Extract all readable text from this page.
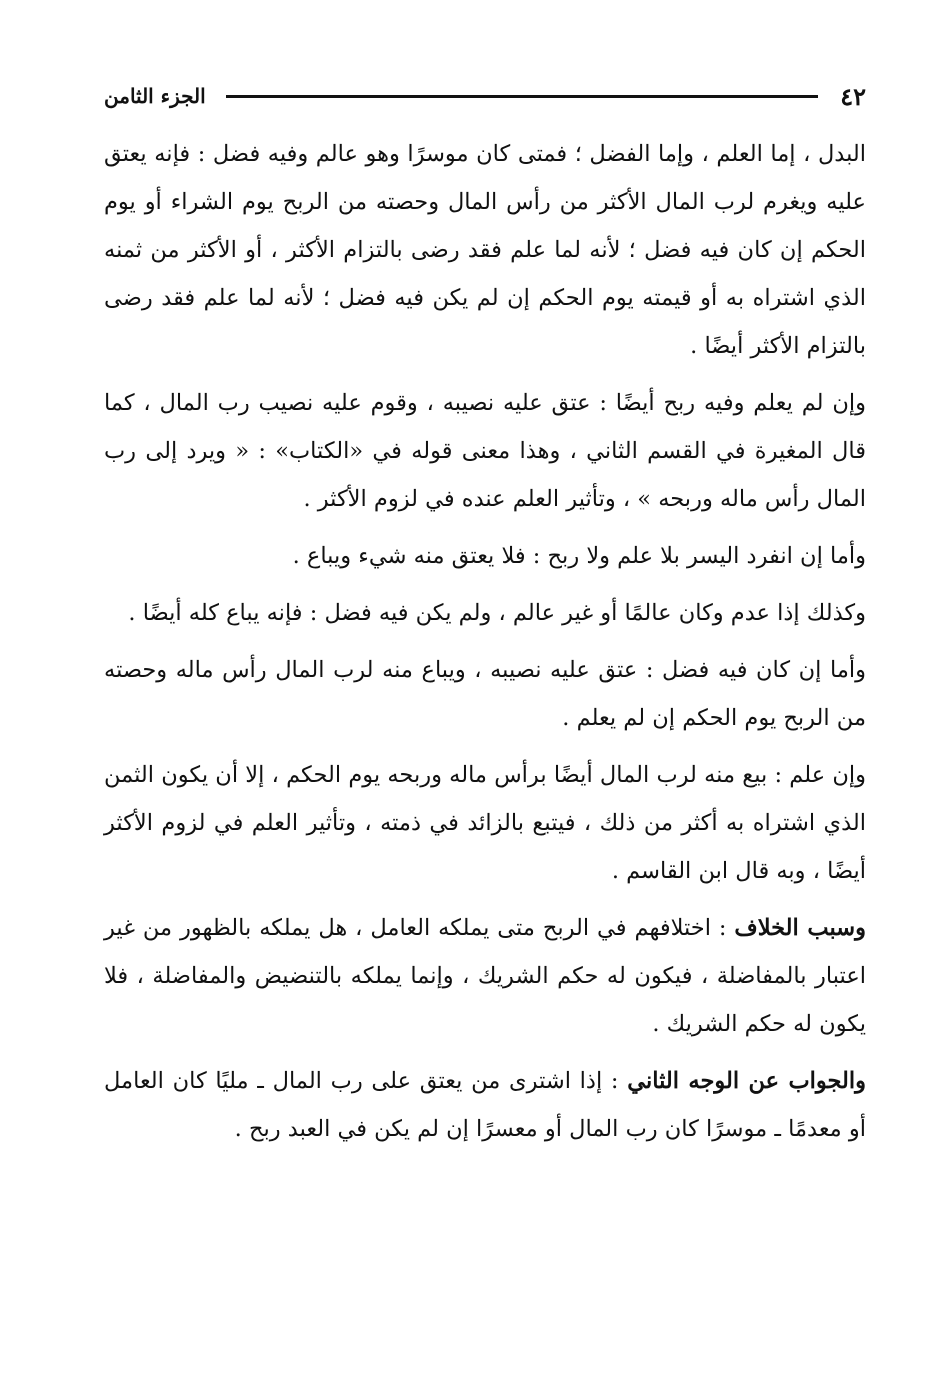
٤٢
الجزء الثامن

البدل ، إما العلم ، وإما الفضل ؛ فمتى كان موسرًا وهو عالم وفيه فضل : فإنه يعتق عليه ويغرم لرب المال الأكثر من رأس المال وحصته من الربح يوم الشراء أو يوم الحكم إن كان فيه فضل ؛ لأنه لما علم فقد رضى بالتزام الأكثر ، أو الأكثر من ثمنه الذي اشتراه به أو قيمته يوم الحكم إن لم يكن فيه فضل ؛ لأنه لما علم فقد رضى بالتزام الأكثر أيضًا .

وإن لم يعلم وفيه ربح أيضًا : عتق عليه نصيبه ، وقوم عليه نصيب رب المال ، كما قال المغيرة في القسم الثاني ، وهذا معنى قوله في «الكتاب» : « ويرد إلى رب المال رأس ماله وربحه » ، وتأثير العلم عنده في لزوم الأكثر .

وأما إن انفرد اليسر بلا علم ولا ربح : فلا يعتق منه شيء ويباع .

وكذلك إذا عدم وكان عالمًا أو غير عالم ، ولم يكن فيه فضل : فإنه يباع كله أيضًا .

وأما إن كان فيه فضل : عتق عليه نصيبه ، ويباع منه لرب المال رأس ماله وحصته من الربح يوم الحكم إن لم يعلم .

وإن علم : بيع منه لرب المال أيضًا برأس ماله وربحه يوم الحكم ، إلا أن يكون الثمن الذي اشتراه به أكثر من ذلك ، فيتبع بالزائد في ذمته ، وتأثير العلم في لزوم الأكثر أيضًا ، وبه قال ابن القاسم .

وسبب الخلاف : اختلافهم في الربح متى يملكه العامل ، هل يملكه بالظهور من غير اعتبار بالمفاضلة ، فيكون له حكم الشريك ، وإنما يملكه بالتنضيض والمفاضلة ، فلا يكون له حكم الشريك .

والجواب عن الوجه الثاني : إذا اشترى من يعتق على رب المال ـ مليًا كان العامل أو معدمًا ـ موسرًا كان رب المال أو معسرًا إن لم يكن في العبد ربح .
